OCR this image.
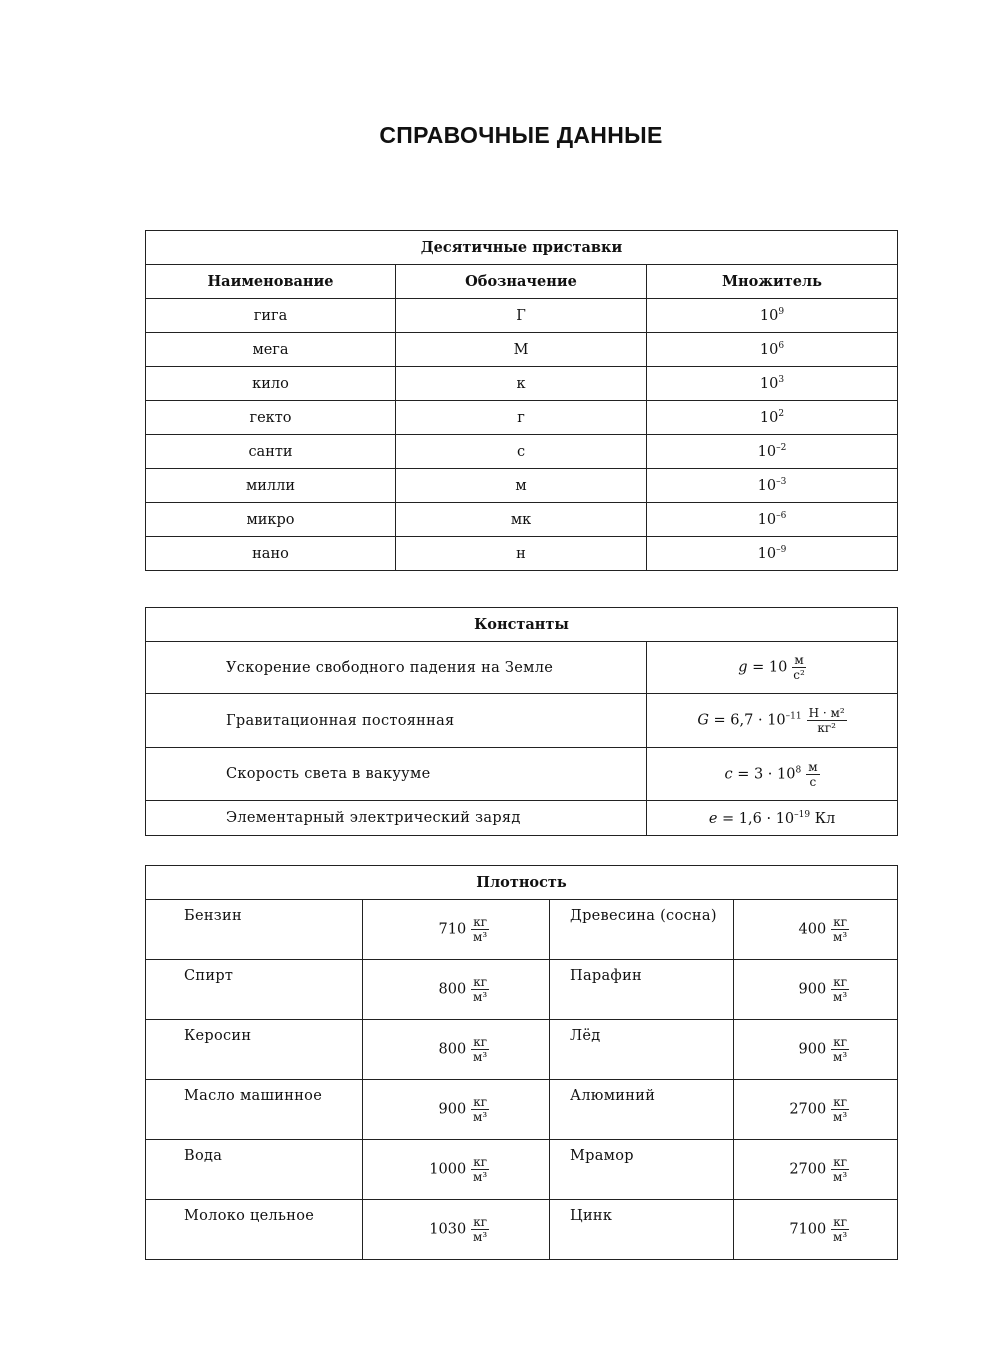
СПРАВОЧНЫЕ ДАННЫЕ
Десятичные приставки		
Наименование	Обозначение	Множитель
гига	Г	$10^9$
мега	М	$10^6$
кило	к	$10^3$
гекто	г	$10^2$
санти	с	$10^{-2}$
милли	м	$10^{-3}$
микро	мк	$10^{-6}$
нано	н	$10^{-9}$
Константы	
Ускорение свободного падения на Земле	$g = 10 \frac{м}{\text{с²}}$

Гравитационная постоянная	$G = 6,7 \cdot 10^{-11} \frac{\text{Н · м²}}{\text{кг²}}$

Скорость света в вакууме	$c = 3 \cdot 10^8 \frac{м}{с}$

Элементарный электрический заряд	$e = 1,6 \cdot 10^{-19}$ Кл
Плотность			
Бензин	$710 \frac{кг}{\text{м³}}$	Древесина (сосна)	$400 \frac{кг}{\text{м³}}$

Спирт	$800 \frac{кг}{\text{м³}}$	Парафин	$900 \frac{кг}{\text{м³}}$

Керосин	$800 \frac{кг}{\text{м³}}$	Лёд	$900 \frac{кг}{\text{м³}}$

Масло машинное	$900 \frac{кг}{\text{м³}}$	Алюминий	$2700 \frac{кг}{\text{м³}}$

Вода	$1000 \frac{кг}{\text{м³}}$	Мрамор	$2700 \frac{кг}{\text{м³}}$

Молоко цельное	$1030 \frac{кг}{\text{м³}}$	Цинк	$7100 \frac{кг}{\text{м³}}$
